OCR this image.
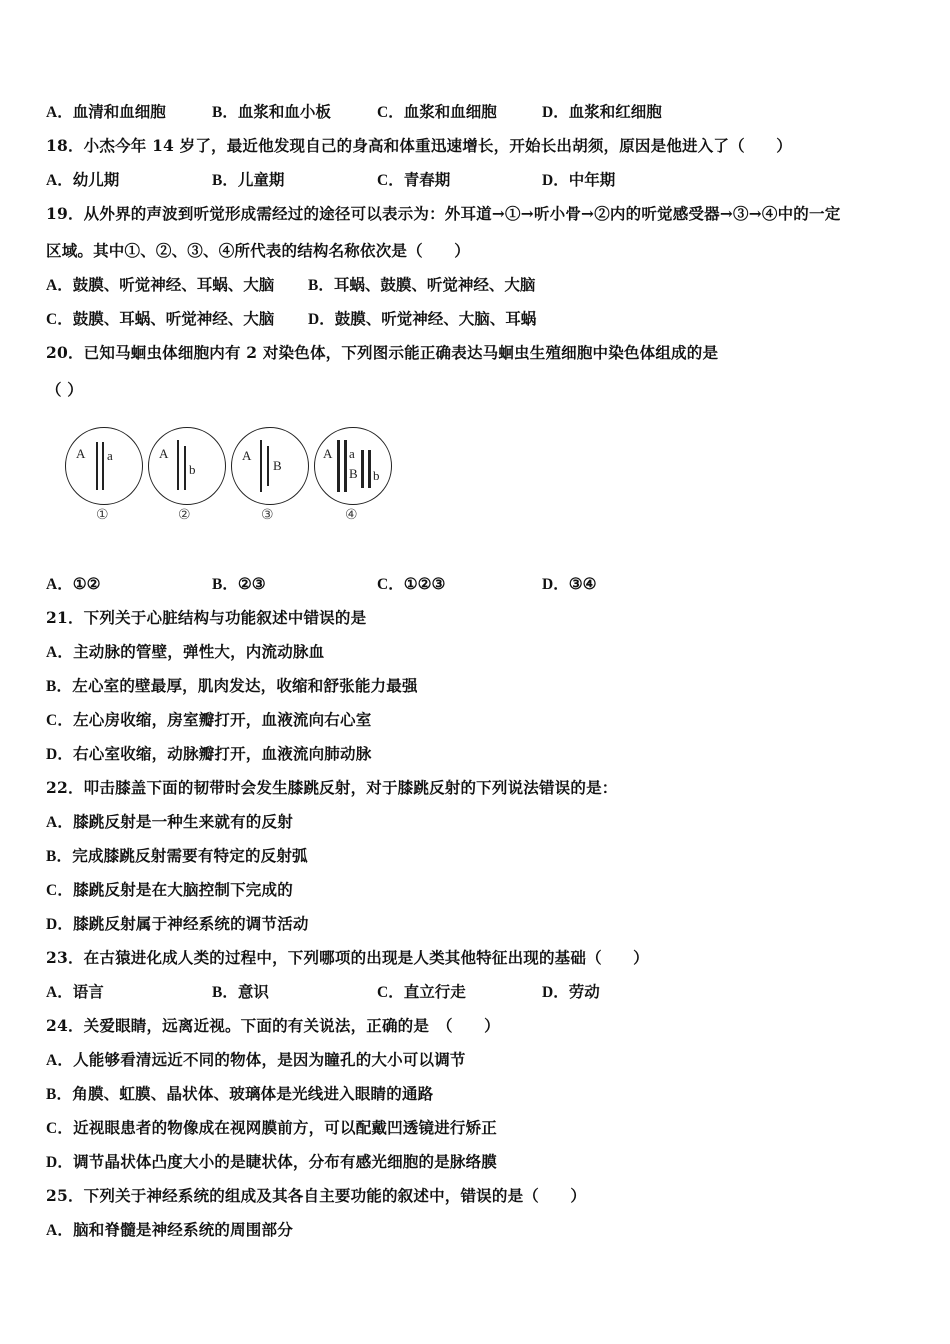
A．血清和血细胞	B．血浆和血小板	C．血浆和血细胞	D．血浆和红细胞
18．小杰今年 14 岁了，最近他发现自己的身高和体重迅速增长，开始长出胡须，原因是他进入了（　　）
A．幼儿期	B．儿童期	C．青春期	D．中年期
19．从外界的声波到听觉形成需经过的途径可以表示为：外耳道→①→听小骨→②内的听觉感受器→③→④中的一定
区域。其中①、②、③、④所代表的结构名称依次是（　　）
A．鼓膜、听觉神经、耳蜗、大脑 B．耳蜗、鼓膜、听觉神经、大脑
C．鼓膜、耳蜗、听觉神经、大脑 D．鼓膜、听觉神经、大脑、耳蜗
20．已知马蛔虫体细胞内有 2 对染色体，下列图示能正确表达马蛔虫生殖细胞中染色体组成的是
（ ）
A a
①
A
b
②
A
B
③
A a
B b
④
A．①②	B．②③	C．①②③	D．③④
21．下列关于心脏结构与功能叙述中错误的是
A．主动脉的管壁，弹性大，内流动脉血
B．左心室的壁最厚，肌肉发达，收缩和舒张能力最强
C．左心房收缩，房室瓣打开，血液流向右心室
D．右心室收缩，动脉瓣打开，血液流向肺动脉
22．叩击膝盖下面的韧带时会发生膝跳反射，对于膝跳反射的下列说法错误的是：
A．膝跳反射是一种生来就有的反射
B．完成膝跳反射需要有特定的反射弧
C．膝跳反射是在大脑控制下完成的
D．膝跳反射属于神经系统的调节活动
23．在古猿进化成人类的过程中，下列哪项的出现是人类其他特征出现的基础（　　）
A．语言	B．意识	C．直立行走	D．劳动
24．关爱眼睛，远离近视。下面的有关说法，正确的是　（　　）
A．人能够看清远近不同的物体，是因为瞳孔的大小可以调节
B．角膜、虹膜、晶状体、玻璃体是光线进入眼睛的通路
C．近视眼患者的物像成在视网膜前方，可以配戴凹透镜进行矫正
D．调节晶状体凸度大小的是睫状体，分布有感光细胞的是脉络膜
25．下列关于神经系统的组成及其各自主要功能的叙述中，错误的是（　　）
A．脑和脊髓是神经系统的周围部分
